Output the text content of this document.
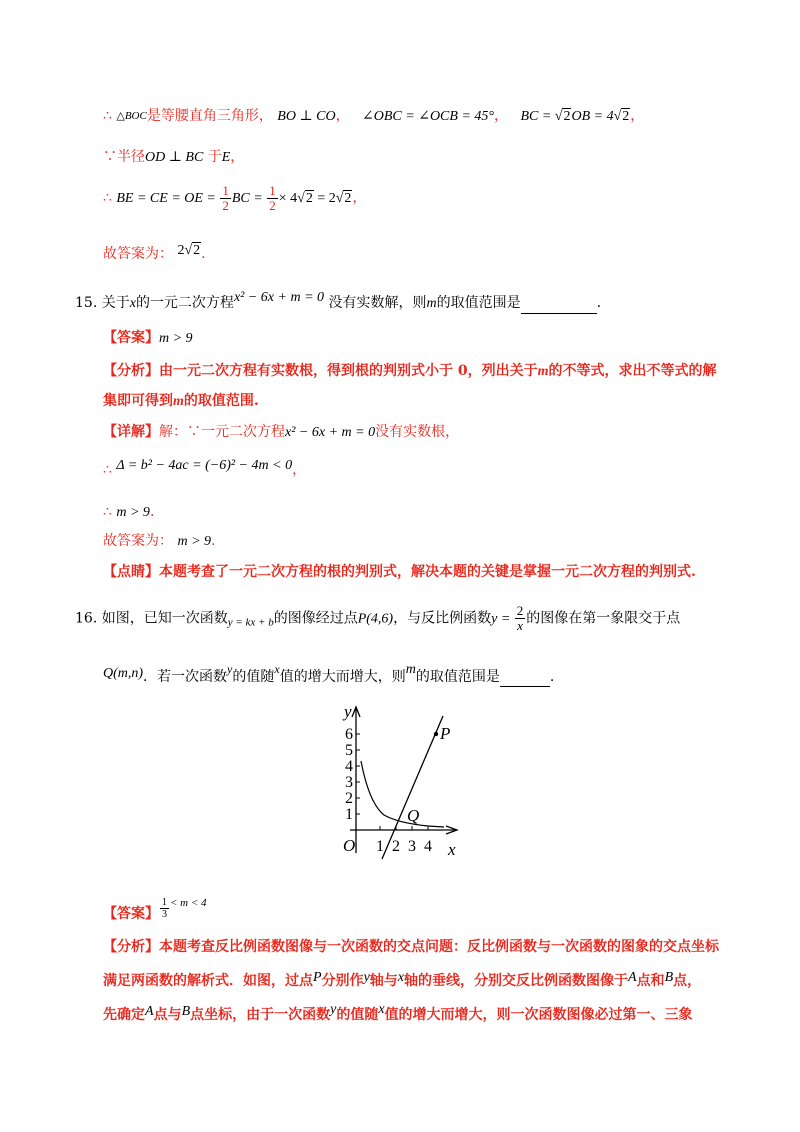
∴ $^{\triangle BOC}$是等腰直角三角形， BO ⊥ CO， ∠OBC = ∠OCB = 45°， BC = √2OB = 4√2，
∵半径OD ⊥ BC 于E，
∴ BE = CE = OE = $\frac{1}{2}$ BC = $\frac{1}{2} \times 4√2 = 2√2$，
故答案为： 2√2.
15. 关于x的一元二次方程x² − 6x + m = 0 没有实数解，则m的取值范围是	.
【答案】m > 9
【分析】由一元二次方程有实数根，得到根的判别式小于 0，列出关于m的不等式，求出不等式的解
集即可得到m的取值范围.
【详解】解：∵一元二次方程x² − 6x + m = 0没有实数根，
∴ Δ = b² − 4ac = (−6)² − 4m < 0，
∴ m > 9.
故答案为： m > 9.
【点睛】本题考查了一元二次方程的根的判别式，解决本题的关键是掌握一元二次方程的判别式.
16. 如图，已知一次函数$_{y = kx + b}$的图像经过点P(4,6)，与反比例函数$y = \frac{2}{x}$ 的图像在第一象限交于点
Q(m,n)．若一次函数y的值随x值的增大而增大，则m的取值范围是	.
1
2
3
4
5
6
1 2 3 4
O
y
x
P
Q
【答案】 $\frac{1}{3} ^{< m < 4}$
【分析】本题考查反比例函数图像与一次函数的交点问题：反比例函数与一次函数的图象的交点坐标
满足两函数的解析式．如图，过点P分别作y轴与x轴的垂线，分别交反比例函数图像于A点和B点，
先确定A点与B点坐标，由于一次函数y的值随x值的增大而增大，则一次函数图像必过第一、三象
